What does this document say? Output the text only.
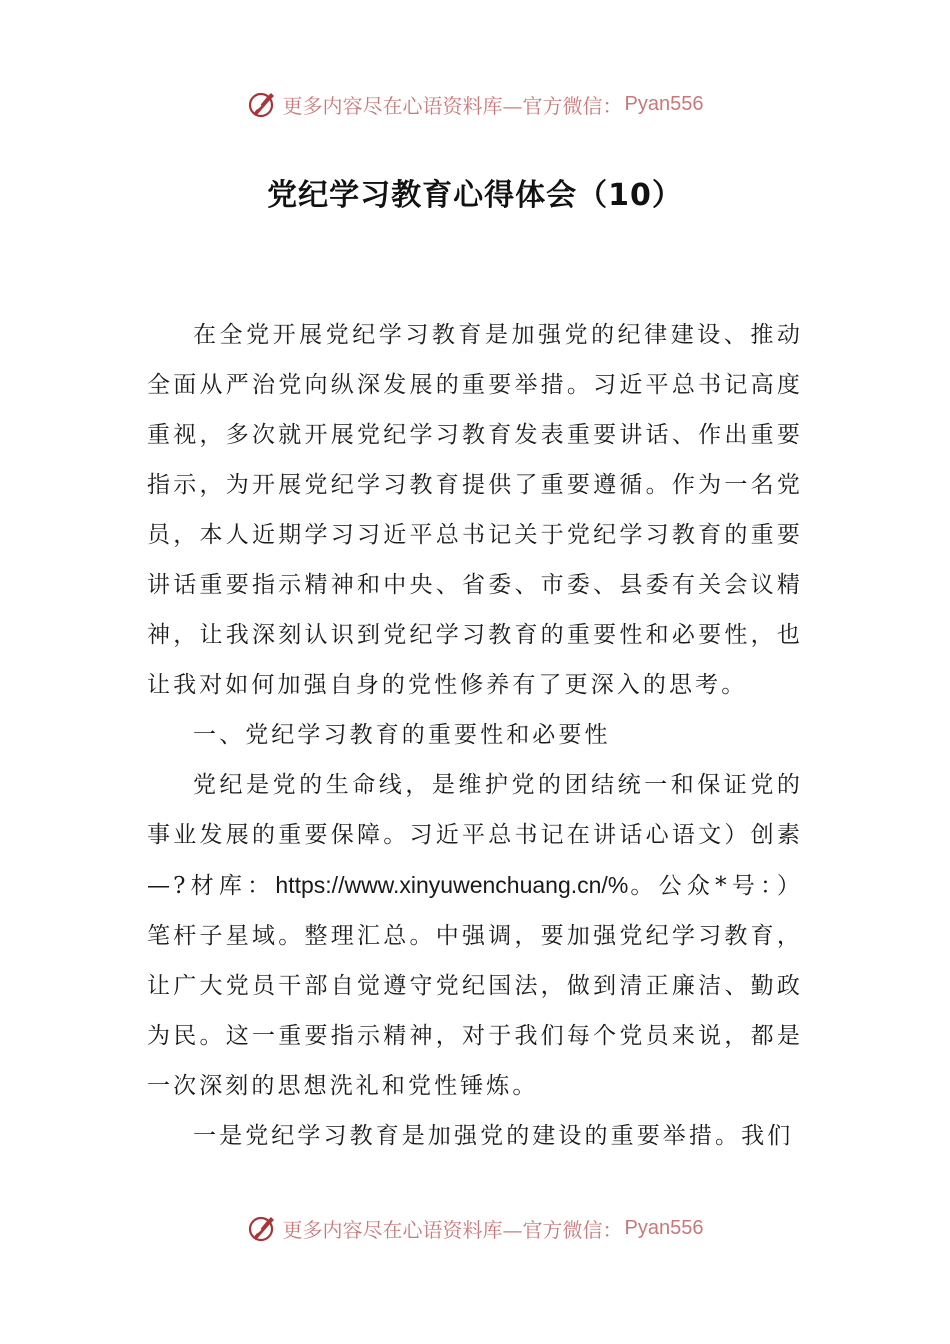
更多内容尽在心语资料库—官方微信： Pyan556
党纪学习教育心得体会（10）

在全党开展党纪学习教育是加强党的纪律建设、推动全面从严治党向纵深发展的重要举措。习近平总书记高度重视，多次就开展党纪学习教育发表重要讲话、作出重要指示，为开展党纪学习教育提供了重要遵循。作为一名党员，本人近期学习习近平总书记关于党纪学习教育的重要讲话重要指示精神和中央、省委、市委、县委有关会议精神，让我深刻认识到党纪学习教育的重要性和必要性，也让我对如何加强自身的党性修养有了更深入的思考。

一、党纪学习教育的重要性和必要性

党纪是党的生命线，是维护党的团结统一和保证党的事业发展的重要保障。习近平总书记在讲话心语文）创素—?材库：https://www.xinyuwenchuang.cn/%。公众*号：）笔杆子星域。整理汇总。中强调，要加强党纪学习教育，让广大党员干部自觉遵守党纪国法，做到清正廉洁、勤政为民。这一重要指示精神，对于我们每个党员来说，都是一次深刻的思想洗礼和党性锤炼。

一是党纪学习教育是加强党的建设的重要举措。我们

更多内容尽在心语资料库—官方微信： Pyan556
